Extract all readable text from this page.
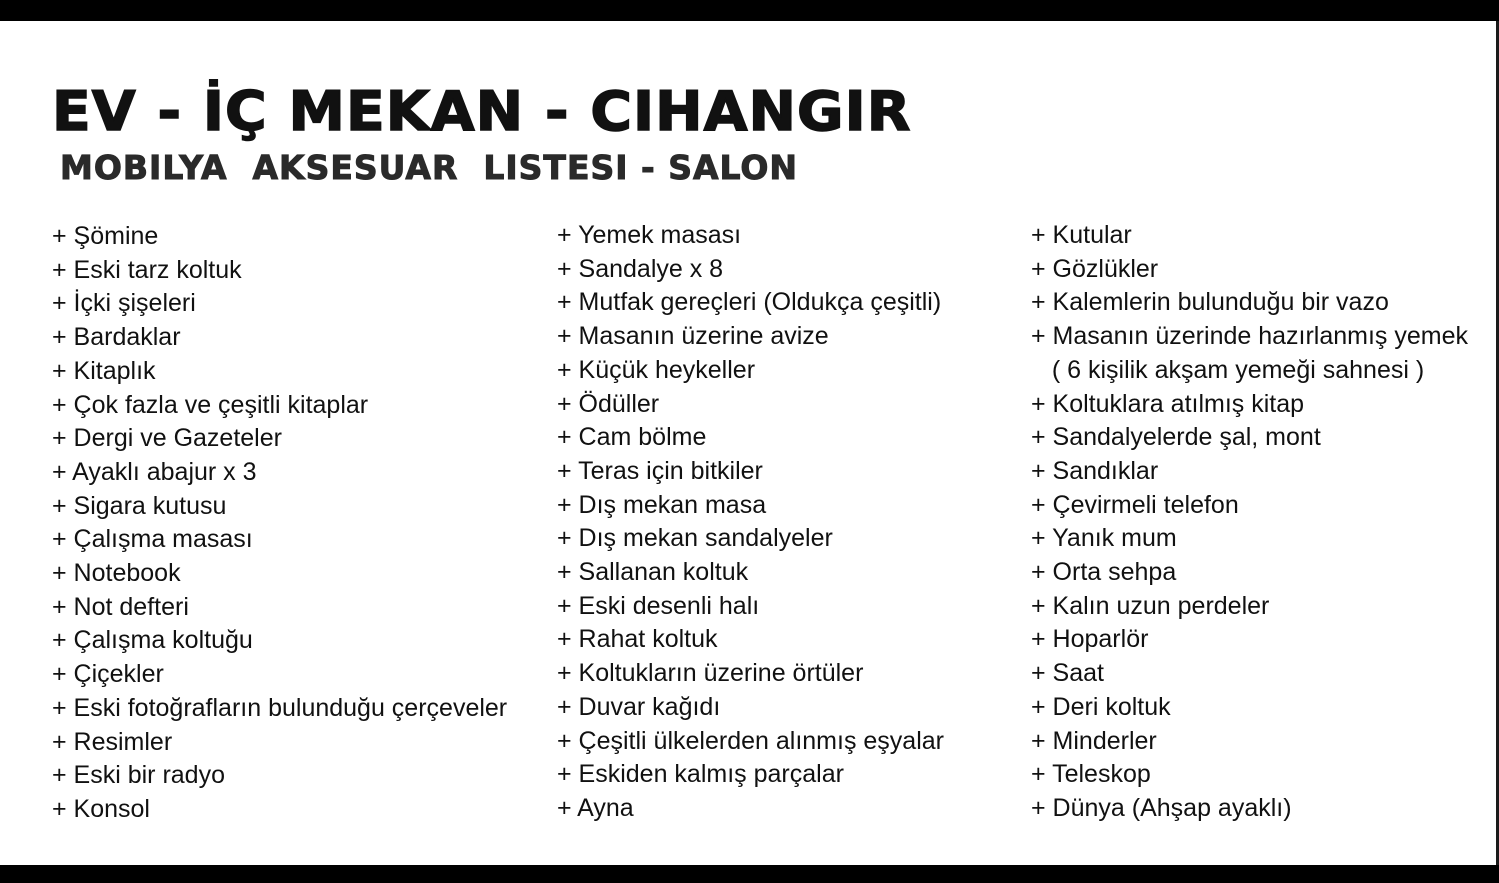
EV - İÇ MEKAN - CIHANGIR
MOBILYA  AKSESUAR  LISTESI - SALON
+ Şömine
+ Eski tarz koltuk
+ İçki şişeleri
+ Bardaklar
+ Kitaplık
+ Çok fazla ve çeşitli kitaplar
+ Dergi ve Gazeteler
+ Ayaklı abajur x 3
+ Sigara kutusu
+ Çalışma masası
+ Notebook
+ Not defteri
+ Çalışma koltuğu
+ Çiçekler
+ Eski fotoğrafların bulunduğu çerçeveler
+ Resimler
+ Eski bir radyo
+ Konsol
+ Yemek masası
+ Sandalye x 8
+ Mutfak gereçleri (Oldukça çeşitli)
+ Masanın üzerine avize
+ Küçük heykeller
+ Ödüller
+ Cam bölme
+ Teras için bitkiler
+ Dış mekan masa
+ Dış mekan sandalyeler
+ Sallanan koltuk
+ Eski desenli halı
+ Rahat koltuk
+ Koltukların üzerine örtüler
+ Duvar kağıdı
+ Çeşitli ülkelerden alınmış eşyalar
+ Eskiden kalmış parçalar
+ Ayna
+ Kutular
+ Gözlükler
+ Kalemlerin bulunduğu bir vazo
+ Masanın üzerinde hazırlanmış yemek
( 6 kişilik akşam yemeği sahnesi )
+ Koltuklara atılmış kitap
+ Sandalyelerde şal, mont
+ Sandıklar
+ Çevirmeli telefon
+ Yanık mum
+ Orta sehpa
+ Kalın uzun perdeler
+ Hoparlör
+ Saat
+ Deri koltuk
+ Minderler
+ Teleskop
+ Dünya (Ahşap ayaklı)
